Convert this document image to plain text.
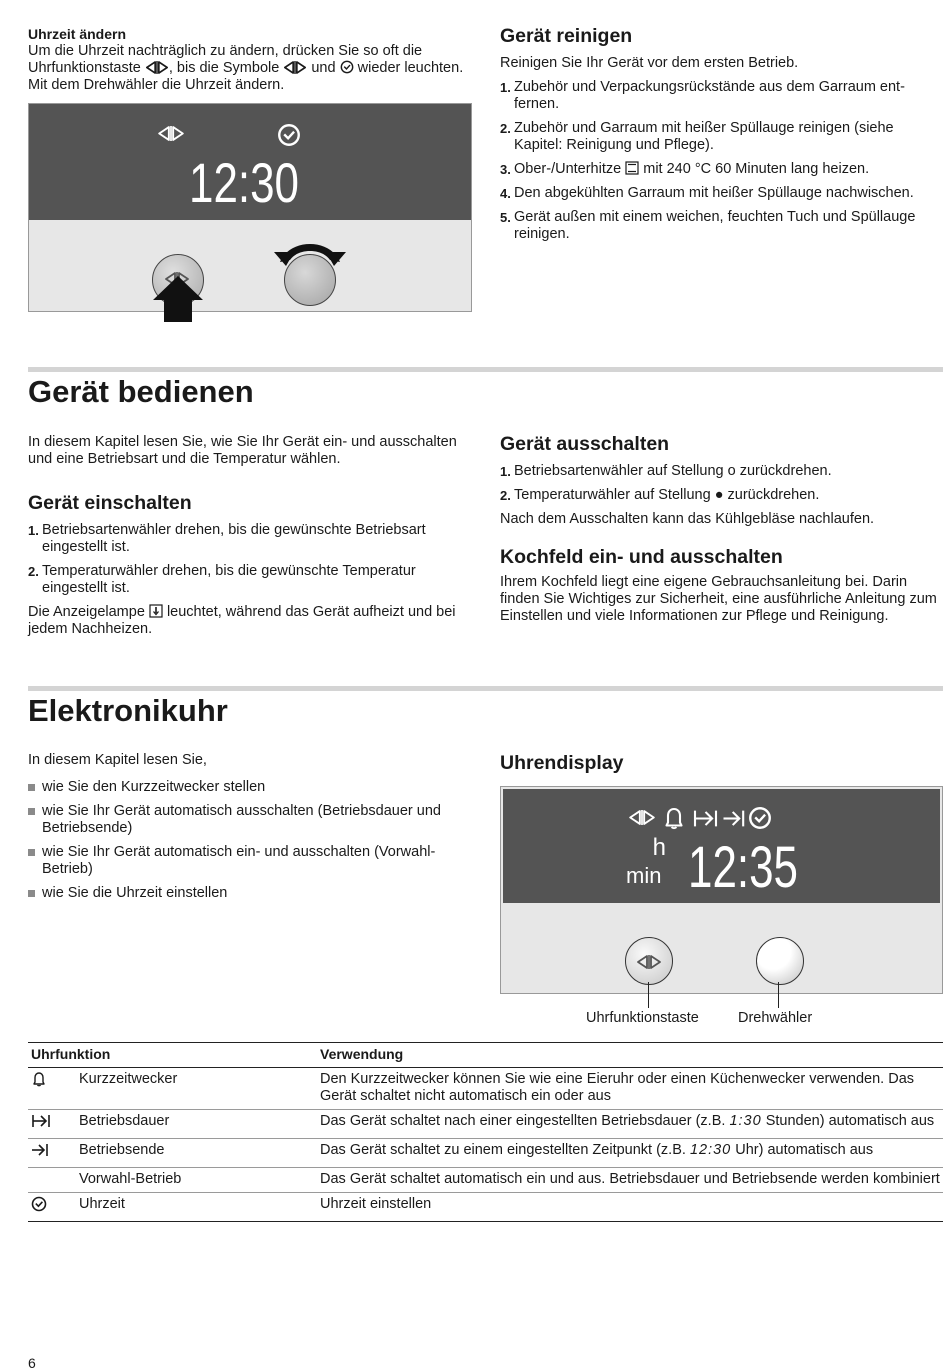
Uhrzeit ändern

Um die Uhrzeit nachträglich zu ändern, drücken Sie so oft die Uhrfunktionstaste , bis die Symbole und wieder leuchten. Mit dem Drehwähler die Uhrzeit ändern.

12:30
Gerät reinigen

Reinigen Sie Ihr Gerät vor dem ersten Betrieb.

1. Zubehör und Verpackungsrückstände aus dem Garraum entfernen.
2. Zubehör und Garraum mit heißer Spüllauge reinigen (siehe Kapitel: Reinigung und Pflege).
3. Ober-/Unterhitze mit 240 °C 60 Minuten lang heizen.
4. Den abgekühlten Garraum mit heißer Spüllauge nachwischen.
5. Gerät außen mit einem weichen, feuchten Tuch und Spüllauge reinigen.
Gerät bedienen

In diesem Kapitel lesen Sie, wie Sie Ihr Gerät ein- und ausschalten und eine Betriebsart und die Temperatur wählen.

Gerät einschalten
1. Betriebsartenwähler drehen, bis die gewünschte Betriebsart eingestellt ist.
2. Temperaturwähler drehen, bis die gewünschte Temperatur eingestellt ist.

Die Anzeigelampe leuchtet, während das Gerät aufheizt und bei jedem Nachheizen.

Gerät ausschalten
1. Betriebsartenwähler auf Stellung o zurückdrehen.
2. Temperaturwähler auf Stellung ● zurückdrehen.

Nach dem Ausschalten kann das Kühlgebläse nachlaufen.

Kochfeld ein- und ausschalten

Ihrem Kochfeld liegt eine eigene Gebrauchsanleitung bei. Darin finden Sie Wichtiges zur Sicherheit, eine ausführliche Anleitung zum Einstellen und viele Informationen zur Pflege und Reinigung.

Elektronikuhr

In diesem Kapitel lesen Sie,

wie Sie den Kurzzeitwecker stellen
wie Sie Ihr Gerät automatisch ausschalten (Betriebsdauer und Betriebsende)
wie Sie Ihr Gerät automatisch ein- und ausschalten (Vorwahl-Betrieb)
wie Sie die Uhrzeit einstellen
Uhrendisplay
h
min 12:35
Uhrfunktionstaste	Drehwähler
Uhrfunktion		Verwendung
	Kurzzeitwecker	Den Kurzzeitwecker können Sie wie eine Eieruhr oder einen Küchenwecker verwenden. Das Gerät schaltet nicht automatisch ein oder aus
	Betriebsdauer	Das Gerät schaltet nach einer eingestellten Betriebsdauer (z.B. 1:30 Stunden) automatisch aus
	Betriebsende	Das Gerät schaltet zu einem eingestellten Zeitpunkt (z.B. 12:30 Uhr) automatisch aus
	Vorwahl-Betrieb	Das Gerät schaltet automatisch ein und aus. Betriebsdauer und Betriebsende werden kombiniert
	Uhrzeit	Uhrzeit einstellen
6
